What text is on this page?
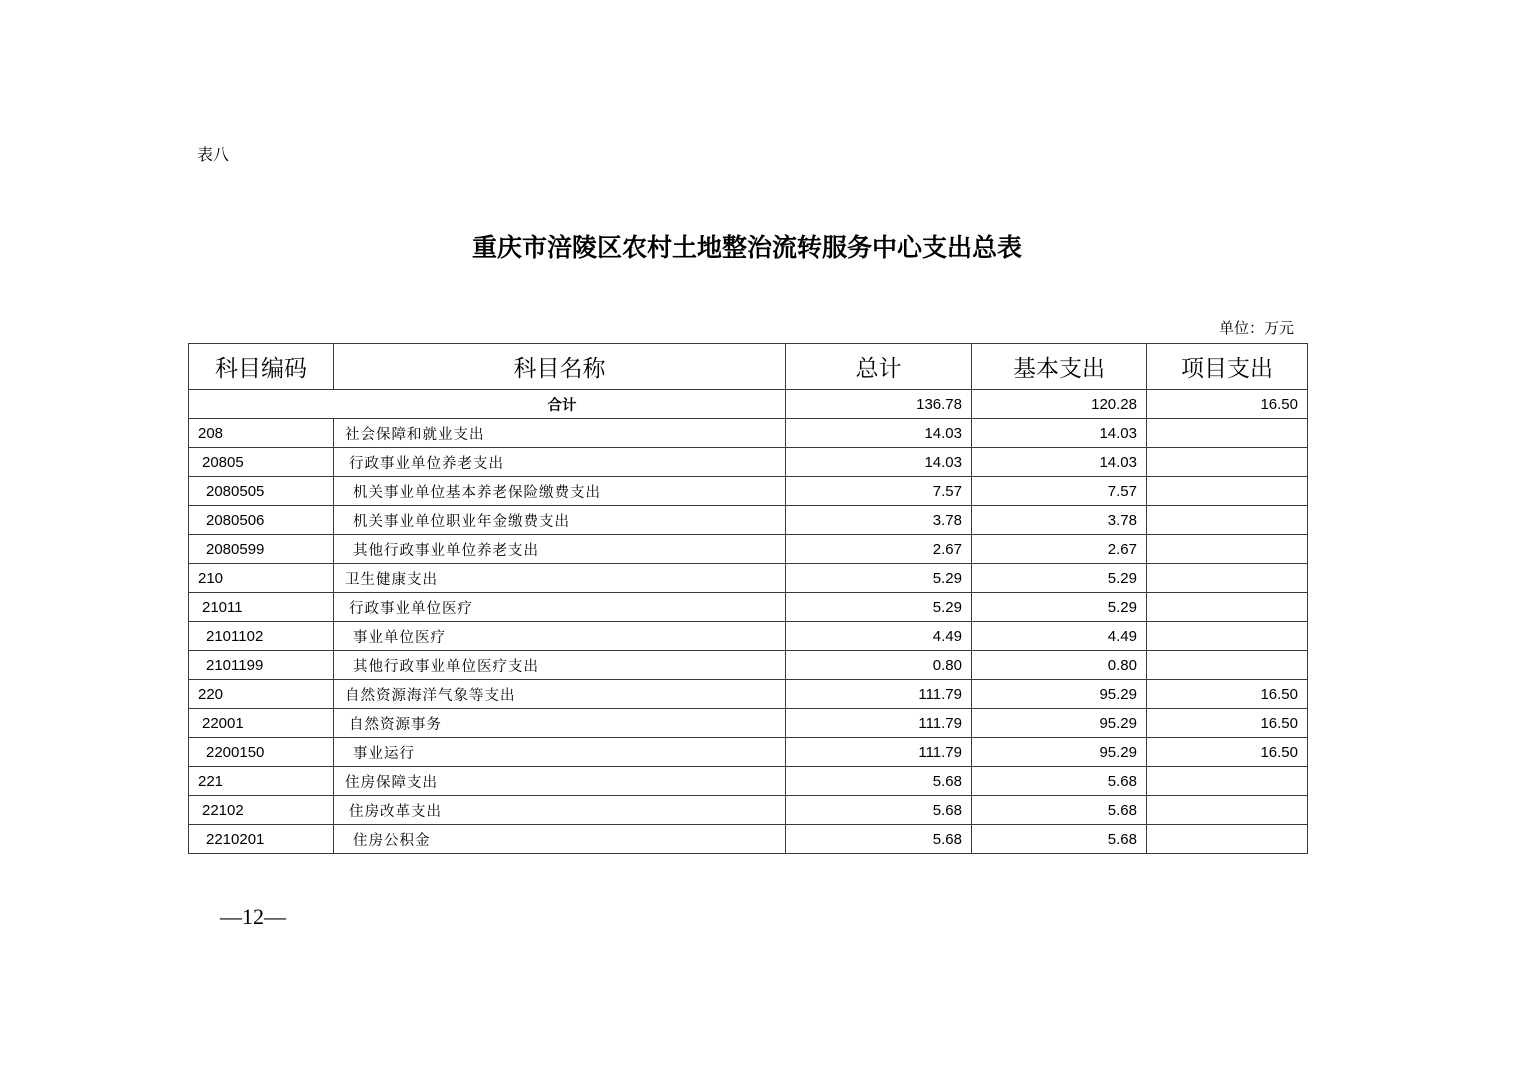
表八
重庆市涪陵区农村土地整治流转服务中心支出总表
单位：万元
科目编码	科目名称	总计	基本支出	项目支出
合计		136.78	120.28	16.50
208	社会保障和就业支出	14.03	14.03	
20805	行政事业单位养老支出	14.03	14.03	
2080505	机关事业单位基本养老保险缴费支出	7.57	7.57	
2080506	机关事业单位职业年金缴费支出	3.78	3.78	
2080599	其他行政事业单位养老支出	2.67	2.67	
210	卫生健康支出	5.29	5.29	
21011	行政事业单位医疗	5.29	5.29	
2101102	事业单位医疗	4.49	4.49	
2101199	其他行政事业单位医疗支出	0.80	0.80	
220	自然资源海洋气象等支出	111.79	95.29	16.50
22001	自然资源事务	111.79	95.29	16.50
2200150	事业运行	111.79	95.29	16.50
221	住房保障支出	5.68	5.68	
22102	住房改革支出	5.68	5.68	
2210201	住房公积金	5.68	5.68	
—12—
